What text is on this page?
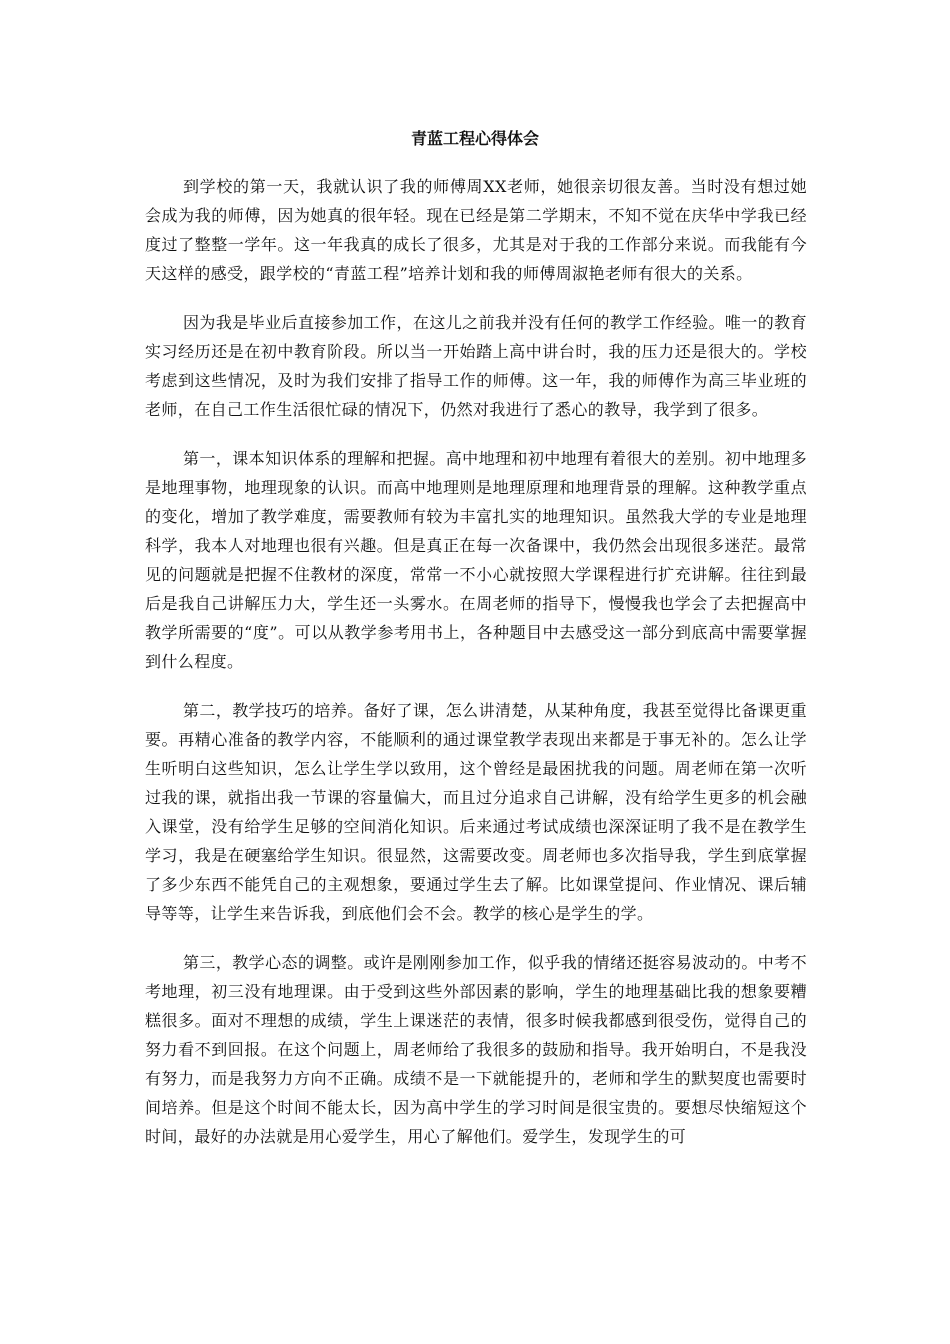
青蓝工程心得体会

到学校的第一天，我就认识了我的师傅周XX老师，她很亲切很友善。当时没有想过她会成为我的师傅，因为她真的很年轻。现在已经是第二学期末，不知不觉在庆华中学我已经度过了整整一学年。这一年我真的成长了很多，尤其是对于我的工作部分来说。而我能有今天这样的感受，跟学校的“青蓝工程”培养计划和我的师傅周淑艳老师有很大的关系。

因为我是毕业后直接参加工作，在这儿之前我并没有任何的教学工作经验。唯一的教育实习经历还是在初中教育阶段。所以当一开始踏上高中讲台时，我的压力还是很大的。学校考虑到这些情况，及时为我们安排了指导工作的师傅。这一年，我的师傅作为高三毕业班的老师，在自己工作生活很忙碌的情况下，仍然对我进行了悉心的教导，我学到了很多。

第一，课本知识体系的理解和把握。高中地理和初中地理有着很大的差别。初中地理多是地理事物，地理现象的认识。而高中地理则是地理原理和地理背景的理解。这种教学重点的变化，增加了教学难度，需要教师有较为丰富扎实的地理知识。虽然我大学的专业是地理科学，我本人对地理也很有兴趣。但是真正在每一次备课中，我仍然会出现很多迷茫。最常见的问题就是把握不住教材的深度，常常一不小心就按照大学课程进行扩充讲解。往往到最后是我自己讲解压力大，学生还一头雾水。在周老师的指导下，慢慢我也学会了去把握高中教学所需要的“度”。可以从教学参考用书上，各种题目中去感受这一部分到底高中需要掌握到什么程度。

第二，教学技巧的培养。备好了课，怎么讲清楚，从某种角度，我甚至觉得比备课更重要。再精心准备的教学内容，不能顺利的通过课堂教学表现出来都是于事无补的。怎么让学生听明白这些知识，怎么让学生学以致用，这个曾经是最困扰我的问题。周老师在第一次听过我的课，就指出我一节课的容量偏大，而且过分追求自己讲解，没有给学生更多的机会融入课堂，没有给学生足够的空间消化知识。后来通过考试成绩也深深证明了我不是在教学生学习，我是在硬塞给学生知识。很显然，这需要改变。周老师也多次指导我，学生到底掌握了多少东西不能凭自己的主观想象，要通过学生去了解。比如课堂提问、作业情况、课后辅导等等，让学生来告诉我，到底他们会不会。教学的核心是学生的学。

第三，教学心态的调整。或许是刚刚参加工作，似乎我的情绪还挺容易波动的。中考不考地理，初三没有地理课。由于受到这些外部因素的影响，学生的地理基础比我的想象要糟糕很多。面对不理想的成绩，学生上课迷茫的表情，很多时候我都感到很受伤，觉得自己的努力看不到回报。在这个问题上，周老师给了我很多的鼓励和指导。我开始明白，不是我没有努力，而是我努力方向不正确。成绩不是一下就能提升的，老师和学生的默契度也需要时间培养。但是这个时间不能太长，因为高中学生的学习时间是很宝贵的。要想尽快缩短这个时间，最好的办法就是用心爱学生，用心了解他们。爱学生，发现学生的可
